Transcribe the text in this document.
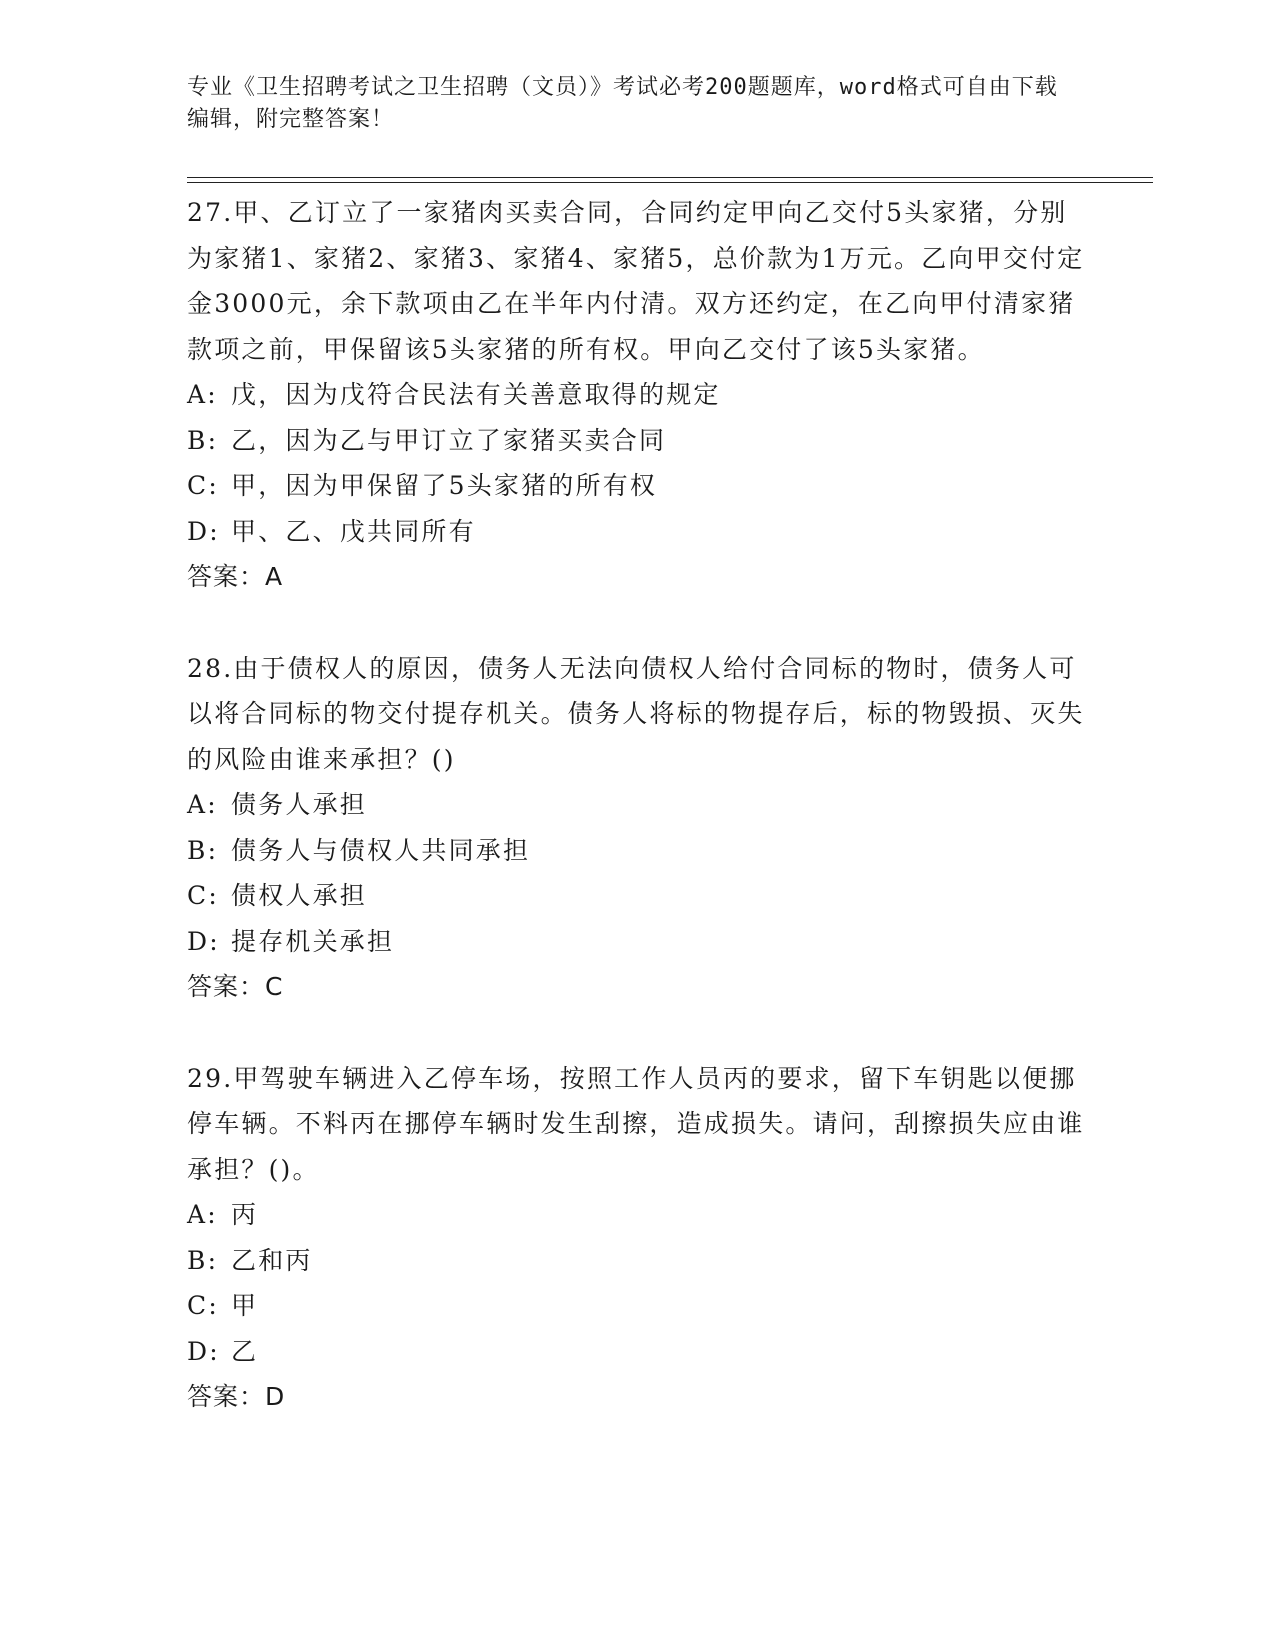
专业《卫生招聘考试之卫生招聘（文员）》考试必考200题题库，word格式可自由下载编辑，附完整答案！

27.甲、乙订立了一家猪肉买卖合同，合同约定甲向乙交付5头家猪，分别为家猪1、家猪2、家猪3、家猪4、家猪5，总价款为1万元。乙向甲交付定金3000元，余下款项由乙在半年内付清。双方还约定，在乙向甲付清家猪款项之前，甲保留该5头家猪的所有权。甲向乙交付了该5头家猪。

A: 戊，因为戊符合民法有关善意取得的规定

B: 乙，因为乙与甲订立了家猪买卖合同

C: 甲，因为甲保留了5头家猪的所有权

D: 甲、乙、戊共同所有

答案：A

28.由于债权人的原因，债务人无法向债权人给付合同标的物时，债务人可以将合同标的物交付提存机关。债务人将标的物提存后，标的物毁损、灭失的风险由谁来承担？()

A: 债务人承担

B: 债务人与债权人共同承担

C: 债权人承担

D: 提存机关承担

答案：C

29.甲驾驶车辆进入乙停车场，按照工作人员丙的要求，留下车钥匙以便挪停车辆。不料丙在挪停车辆时发生刮擦，造成损失。请问，刮擦损失应由谁承担？()。

A: 丙

B: 乙和丙

C: 甲

D: 乙

答案：D
